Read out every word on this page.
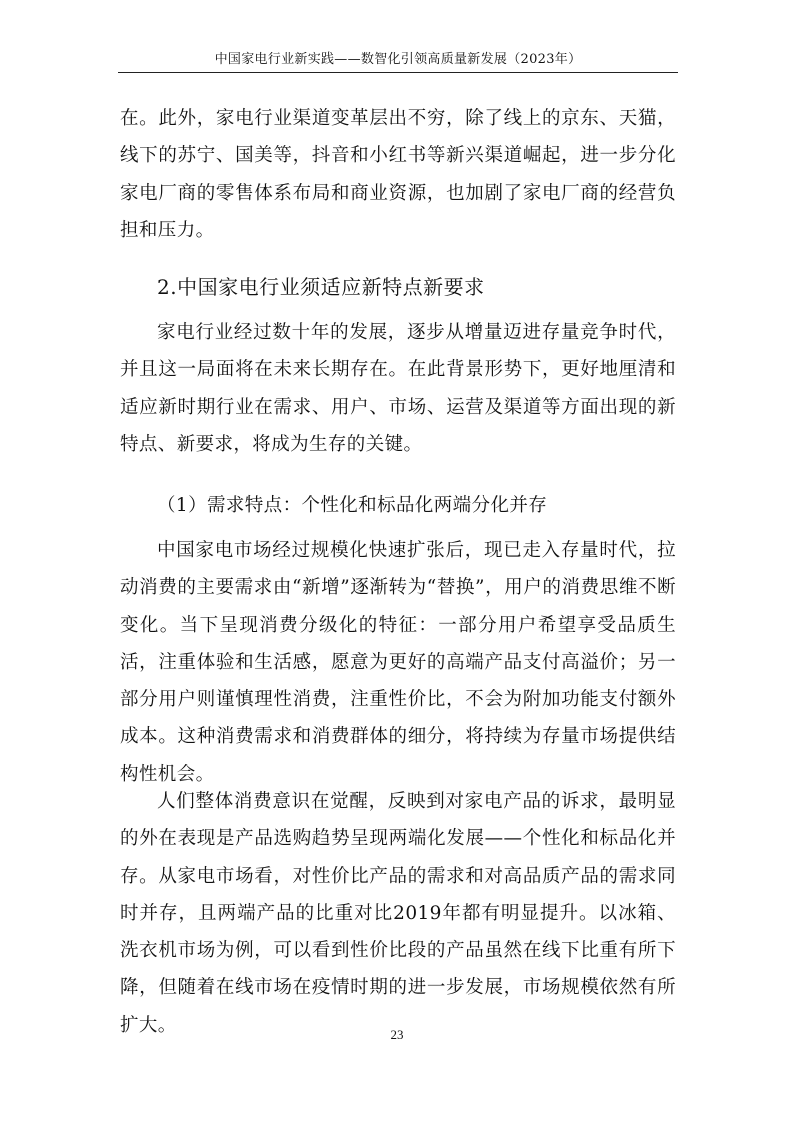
中国家电行业新实践——数智化引领高质量新发展（2023年）

在。此外，家电行业渠道变革层出不穷，除了线上的京东、天猫，线下的苏宁、国美等，抖音和小红书等新兴渠道崛起，进一步分化家电厂商的零售体系布局和商业资源，也加剧了家电厂商的经营负担和压力。

2.中国家电行业须适应新特点新要求

家电行业经过数十年的发展，逐步从增量迈进存量竞争时代，并且这一局面将在未来长期存在。在此背景形势下，更好地厘清和适应新时期行业在需求、用户、市场、运营及渠道等方面出现的新特点、新要求，将成为生存的关键。

（1）需求特点：个性化和标品化两端分化并存

中国家电市场经过规模化快速扩张后，现已走入存量时代，拉动消费的主要需求由“新增”逐渐转为“替换”，用户的消费思维不断变化。当下呈现消费分级化的特征：一部分用户希望享受品质生活，注重体验和生活感，愿意为更好的高端产品支付高溢价；另一部分用户则谨慎理性消费，注重性价比，不会为附加功能支付额外成本。这种消费需求和消费群体的细分，将持续为存量市场提供结构性机会。

人们整体消费意识在觉醒，反映到对家电产品的诉求，最明显的外在表现是产品选购趋势呈现两端化发展——个性化和标品化并存。从家电市场看，对性价比产品的需求和对高品质产品的需求同时并存，且两端产品的比重对比2019年都有明显提升。以冰箱、洗衣机市场为例，可以看到性价比段的产品虽然在线下比重有所下降，但随着在线市场在疫情时期的进一步发展，市场规模依然有所扩大。	23
